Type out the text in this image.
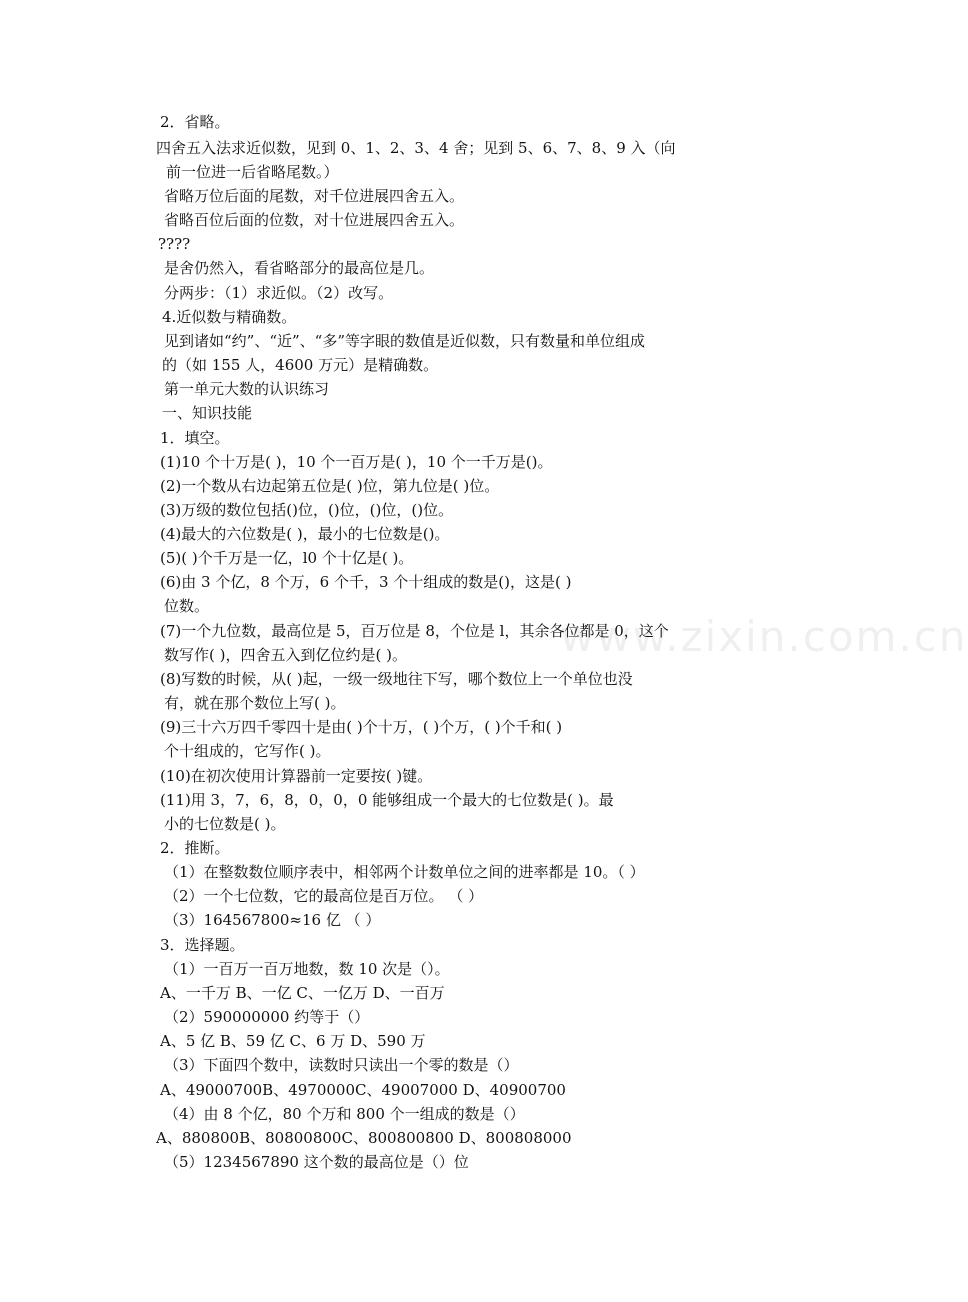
www.zixin.com.cn
2．省略。
四舍五入法求近似数，见到 0、1、2、3、4 舍；见到 5、6、7、8、9 入（向
前一位进一后省略尾数。）
省略万位后面的尾数，对千位进展四舍五入。
省略百位后面的位数，对十位进展四舍五入。
????
是舍仍然入，看省略部分的最高位是几。
分两步：（1）求近似。（2）改写。
4.近似数与精确数。
见到诸如“约”、“近”、“多”等字眼的数值是近似数，只有数量和单位组成
的（如 155 人，4600 万元）是精确数。
第一单元大数的认识练习
一、知识技能
1．填空。
(1)10 个十万是( )，10 个一百万是( )，10 个一千万是()。
(2)一个数从右边起第五位是( )位，第九位是( )位。
(3)万级的数位包括()位，()位，()位，()位。
(4)最大的六位数是( )，最小的七位数是()。
(5)( )个千万是一亿，l0 个十亿是( )。
(6)由 3 个亿，8 个万，6 个千，3 个十组成的数是()，这是( )
位数。
(7)一个九位数，最高位是 5，百万位是 8，个位是 l，其余各位都是 0，这个
数写作( )，四舍五入到亿位约是( )。
(8)写数的时候，从( )起，一级一级地往下写，哪个数位上一个单位也没
有，就在那个数位上写( )。
(9)三十六万四千零四十是由( )个十万，( )个万，( )个千和( )
个十组成的，它写作( )。
(10)在初次使用计算器前一定要按( )键。
(11)用 3，7，6，8，0，0，0 能够组成一个最大的七位数是( )。最
小的七位数是( )。
2．推断。
（1）在整数数位顺序表中，相邻两个计数单位之间的进率都是 10。（ ）
（2）一个七位数，它的最高位是百万位。 （ ）
（3）164567800≈16 亿 （ ）
3．选择题。
（1）一百万一百万地数，数 10 次是（）。
A、一千万 B、一亿 C、一亿万 D、一百万
（2）590000000 约等于（）
A、5 亿 B、59 亿 C、6 万 D、590 万
（3）下面四个数中，读数时只读出一个零的数是（）
A、49000700B、4970000C、49007000 D、40900700
（4）由 8 个亿，80 个万和 800 个一组成的数是（）
A、880800B、80800800C、800800800 D、800808000
（5）1234567890 这个数的最高位是（）位
